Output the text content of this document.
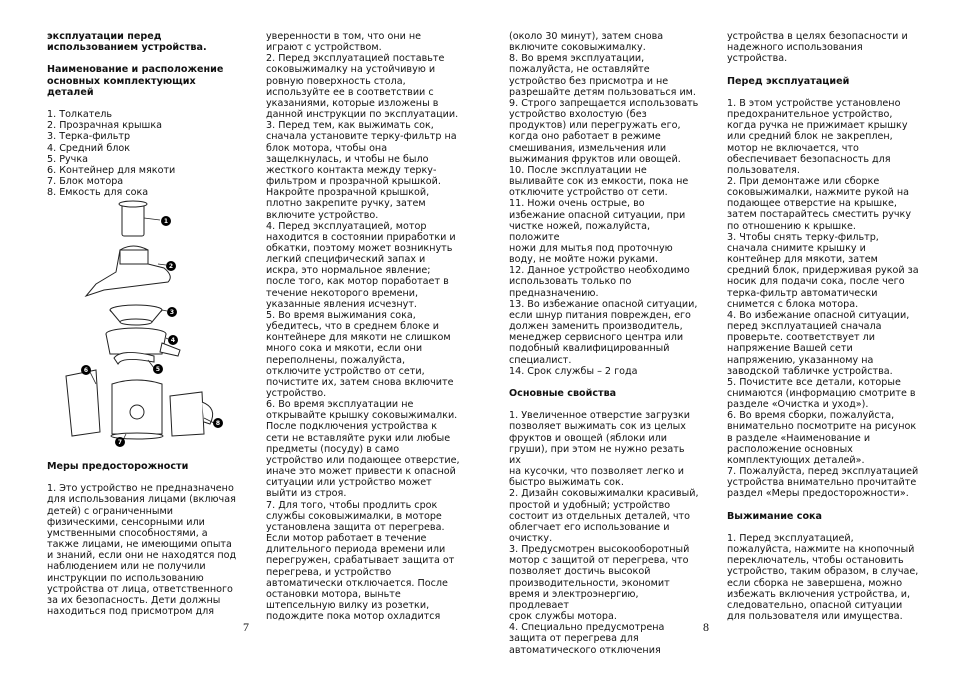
эксплуатации перед

использованием устройства.

Наименование и расположение

основных комплектующих

деталей

1. Толкатель

2. Прозрачная крышка

3. Терка-фильтр

4. Средний блок

5. Ручка

6. Контейнер для мякоти

7. Блок мотора

8. Емкость для сока

1
2
3
4
5
6
7
8

Меры предосторожности

1. Это устройство не предназначено

для использования лицами (включая

детей) с ограниченными

физическими, сенсорными или

умственными способностями, а

также лицами, не имеющими опыта

и знаний, если они не находятся под

наблюдением или не получили

инструкции по использованию

устройства от лица, ответственного

за их безопасность. Дети должны

находиться под присмотром для

уверенности в том, что они не

играют с устройством.

2. Перед эксплуатацией поставьте

соковыжималку на устойчивую и

ровную поверхность стола,

используйте ее в соответствии с

указаниями, которые изложены в

данной инструкции по эксплуатации.

3. Перед тем, как выжимать сок,

сначала установите терку-фильтр на

блок мотора, чтобы она

защелкнулась, и чтобы не было

жесткого контакта между терку-

фильтром и прозрачной крышкой.

Накройте прозрачной крышкой,

плотно закрепите ручку, затем

включите устройство.

4. Перед эксплуатацией, мотор

находится в состоянии приработки и

обкатки, поэтому может возникнуть

легкий специфический запах и

искра, это нормальное явление;

после того, как мотор поработает в

течение некоторого времени,

указанные явления исчезнут.

5. Во время выжимания сока,

убедитесь, что в среднем блоке и

контейнере для мякоти не слишком

много сока и мякоти, если они

переполнены, пожалуйста,

отключите устройство от сети,

почистите их, затем снова включите

устройство.

6. Во время эксплуатации не

открывайте крышку соковыжималки.

После подключения устройства к

сети не вставляйте руки или любые

предметы (посуду) в само

устройство или подающее отверстие,

иначе это может привести к опасной

ситуации или устройство может

выйти из строя.

7. Для того, чтобы продлить срок

службы соковыжималки, в моторе

установлена защита от перегрева.

Если мотор работает в течение

длительного периода времени или

перегружен, срабатывает защита от

перегрева, и устройство

автоматически отключается. После

остановки мотора, выньте

штепсельную вилку из розетки,

подождите пока мотор охладится

(около 30 минут), затем снова

включите соковыжималку.

8. Во время эксплуатации,

пожалуйста, не оставляйте

устройство без присмотра и не

разрешайте детям пользоваться им.

9. Строго запрещается использовать

устройство вхолостую (без

продуктов) или перегружать его,

когда оно работает в режиме

смешивания, измельчения или

выжимания фруктов или овощей.

10. После эксплуатации не

выливайте сок из емкости, пока не

отключите устройство от сети.

11. Ножи очень острые, во

избежание опасной ситуации, при

чистке ножей, пожалуйста, положите

ножи для мытья под проточную

воду, не мойте ножи руками.

12. Данное устройство необходимо

использовать только по

предназначению.

13. Во избежание опасной ситуации,

если шнур питания поврежден, его

должен заменить производитель,

менеджер сервисного центра или

подобный квалифицированный

специалист.

14. Срок службы – 2 года

Основные свойства

1. Увеличенное отверстие загрузки

позволяет выжимать сок из целых

фруктов и овощей (яблоки или

груши), при этом не нужно резать их

на кусочки, что позволяет легко и

быстро выжимать сок.

2. Дизайн соковыжималки красивый,

простой и удобный; устройство

состоит из отдельных деталей, что

облегчает его использование и

очистку.

3. Предусмотрен высокооборотный

мотор с защитой от перегрева, что

позволяет достичь высокой

производительности, экономит

время и электроэнергию, продлевает

срок службы мотора.

4. Специально предусмотрена

защита от перегрева для

автоматического отключения

устройства в целях безопасности и

надежного использования

устройства.

Перед эксплуатацией

1. В этом устройстве установлено

предохранительное устройство,

когда ручка не прижимает крышку

или средний блок не закреплен,

мотор не включается, что

обеспечивает безопасность для

пользователя.

2. При демонтаже или сборке

соковыжималки, нажмите рукой на

подающее отверстие на крышке,

затем постарайтесь сместить ручку

по отношению к крышке.

3. Чтобы снять терку-фильтр,

сначала снимите крышку и

контейнер для мякоти, затем

средний блок, придерживая рукой за

носик для подачи сока, после чего

терка-фильтр автоматически

снимется с блока мотора.

4. Во избежание опасной ситуации,

перед эксплуатацией сначала

проверьте. соответствует ли

напряжение Вашей сети

напряжению, указанному на

заводской табличке устройства.

5. Почистите все детали, которые

снимаются (информацию смотрите в

разделе «Очистка и уход»).

6. Во время сборки, пожалуйста,

внимательно посмотрите на рисунок

в разделе «Наименование и

расположение основных

комплектующих деталей».

7. Пожалуйста, перед эксплуатацией

устройства внимательно прочитайте

раздел «Меры предосторожности».

Выжимание сока

1. Перед эксплуатацией,

пожалуйста, нажмите на кнопочный

переключатель, чтобы остановить

устройство, таким образом, в случае,

если сборка не завершена, можно

избежать включения устройства, и,

следовательно, опасной ситуации

для пользователя или имущества.

7	8
